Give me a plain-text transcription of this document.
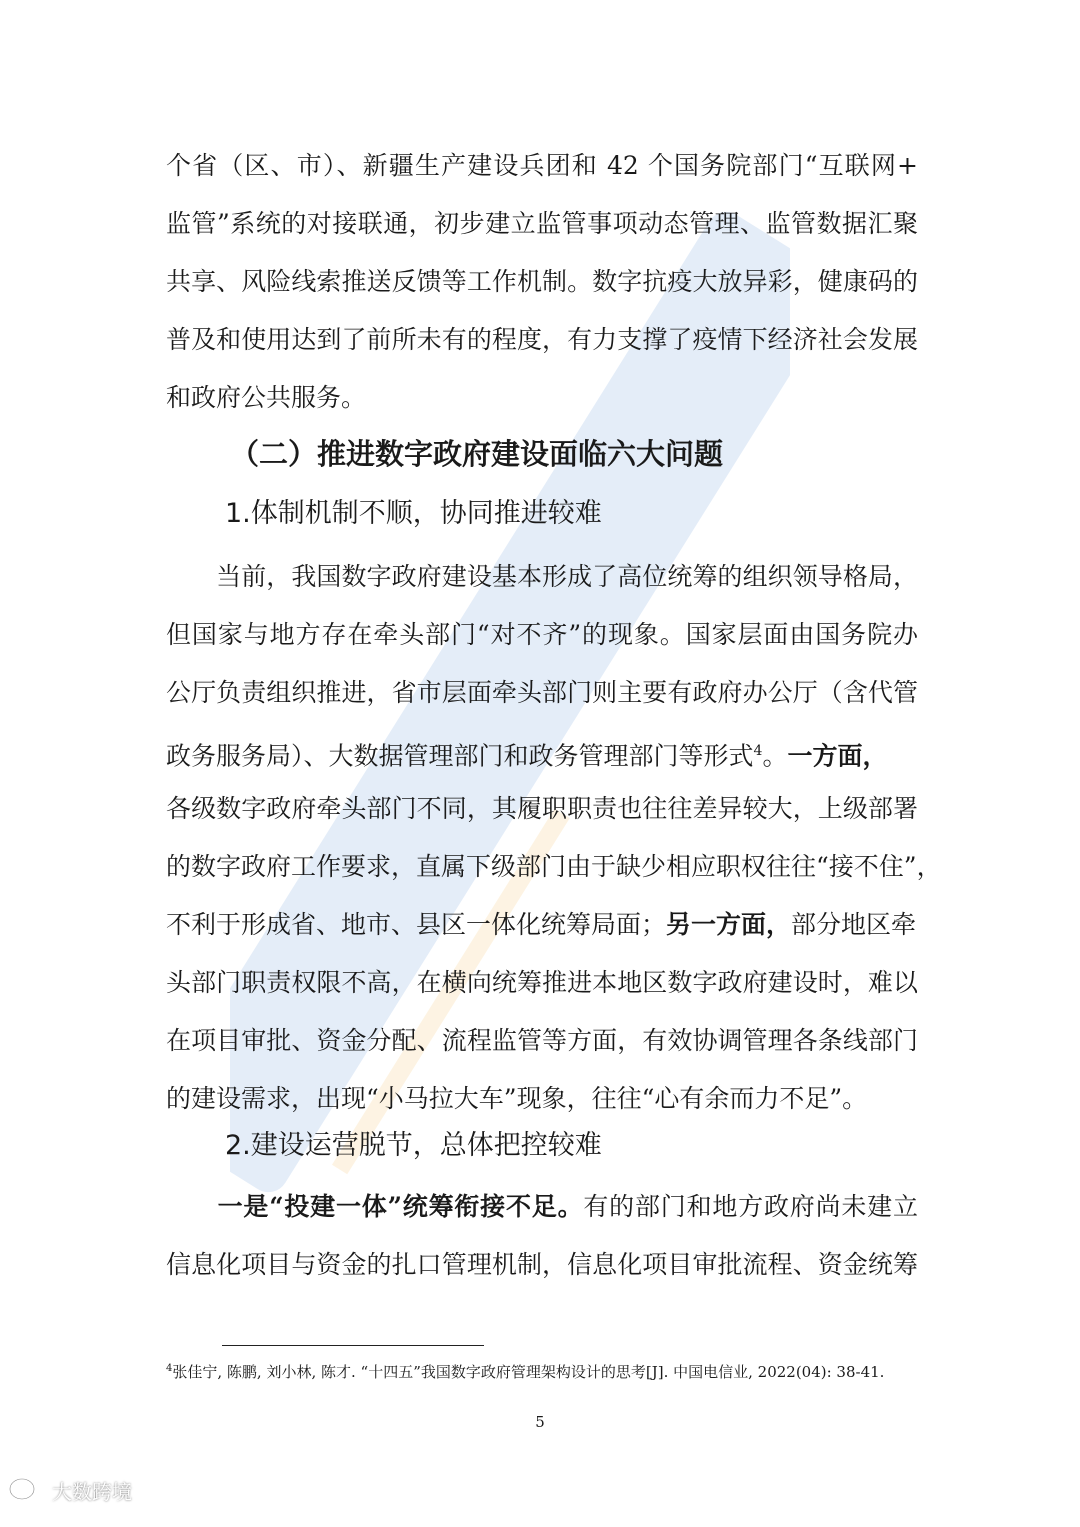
个省（区、市）、新疆生产建设兵团和 42 个国务院部门“互联网+
监管”系统的对接联通，初步建立监管事项动态管理、监管数据汇聚
共享、风险线索推送反馈等工作机制。数字抗疫大放异彩，健康码的
普及和使用达到了前所未有的程度，有力支撑了疫情下经济社会发展
和政府公共服务。
（二）推进数字政府建设面临六大问题
1.体制机制不顺，协同推进较难
　　当前，我国数字政府建设基本形成了高位统筹的组织领导格局，
但国家与地方存在牵头部门“对不齐”的现象。国家层面由国务院办
公厅负责组织推进，省市层面牵头部门则主要有政府办公厅（含代管
政务服务局）、大数据管理部门和政务管理部门等形式$^4$。一方面，
各级数字政府牵头部门不同，其履职职责也往往差异较大，上级部署
的数字政府工作要求，直属下级部门由于缺少相应职权往往“接不住”，
不利于形成省、地市、县区一体化统筹局面；另一方面，部分地区牵
头部门职责权限不高，在横向统筹推进本地区数字政府建设时，难以
在项目审批、资金分配、流程监管等方面，有效协调管理各条线部门
的建设需求，出现“小马拉大车”现象，往往“心有余而力不足”。
2.建设运营脱节，总体把控较难
　　一是“投建一体”统筹衔接不足。有的部门和地方政府尚未建立
信息化项目与资金的扎口管理机制，信息化项目审批流程、资金统筹
$^4$张佳宁, 陈鹏, 刘小林, 陈才. “十四五”我国数字政府管理架构设计的思考[J]. 中国电信业, 2022(04): 38-41.
5
大数跨境
